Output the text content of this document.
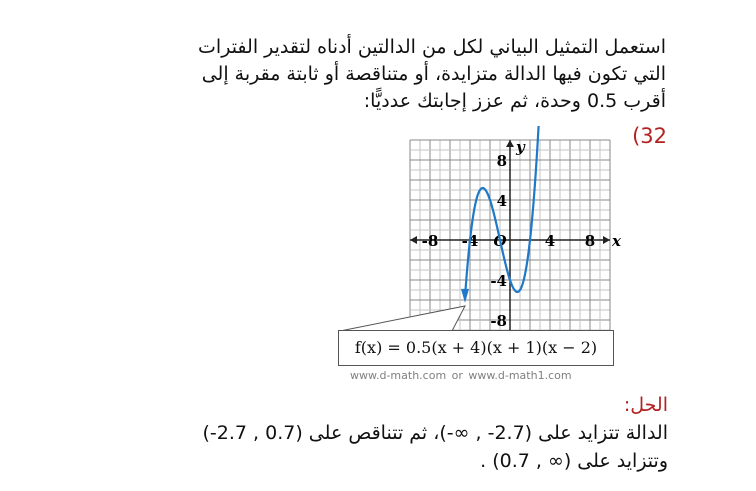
استعمل التمثيل البياني لكل من الدالتين أدناه لتقدير الفترات
التي تكون فيها الدالة متزايدة، أو متناقصة أو ثابتة مقربة إلى
أقرب 0.5 وحدة، ثم عزز إجابتك عدديًّا:
(32
-8 -4 O	4 8
8
4
-4
-8
x
y
f(x) = 0.5(x + 4)(x + 1)(x − 2)
www.d-math.com or www.d-math1.com
الحل:
الدالة تتزايد على (2.7- , ∞-)، ثم تتناقص على (0.7 , 2.7-)
وتتزايد على (∞ , 0.7) .
